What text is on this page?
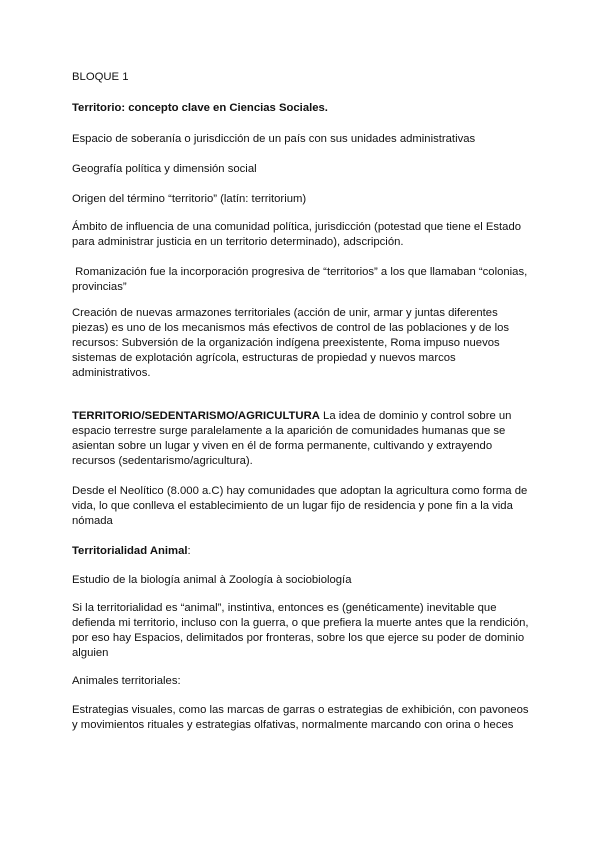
BLOQUE 1

Territorio: concepto clave en Ciencias Sociales.

Espacio de soberanía o jurisdicción de un país con sus unidades administrativas

Geografía política y dimensión social

Origen del término “territorio” (latín: territorium)

Ámbito de influencia de una comunidad política, jurisdicción (potestad que tiene el Estado para administrar justicia en un territorio determinado), adscripción.

Romanización fue la incorporación progresiva de “territorios” a los que llamaban “colonias, provincias”

Creación de nuevas armazones territoriales (acción de unir, armar y juntas diferentes piezas) es uno de los mecanismos más efectivos de control de las poblaciones y de los recursos: Subversión de la organización indígena preexistente, Roma impuso nuevos sistemas de explotación agrícola, estructuras de propiedad y nuevos marcos administrativos.

TERRITORIO/SEDENTARISMO/AGRICULTURA La idea de dominio y control sobre un espacio terrestre surge paralelamente a la aparición de comunidades humanas que se asientan sobre un lugar y viven en él de forma permanente, cultivando y extrayendo recursos (sedentarismo/agricultura).

Desde el Neolítico (8.000 a.C) hay comunidades que adoptan la agricultura como forma de vida, lo que conlleva el establecimiento de un lugar fijo de residencia y pone fin a la vida nómada

Territorialidad Animal:

Estudio de la biología animal à Zoología à sociobiología

Si la territorialidad es “animal”, instintiva, entonces es (genéticamente) inevitable que defienda mi territorio, incluso con la guerra, o que prefiera la muerte antes que la rendición, por eso hay Espacios, delimitados por fronteras, sobre los que ejerce su poder de dominio alguien

Animales territoriales:

Estrategias visuales, como las marcas de garras o estrategias de exhibición, con pavoneos y movimientos rituales y estrategias olfativas, normalmente marcando con orina o heces
